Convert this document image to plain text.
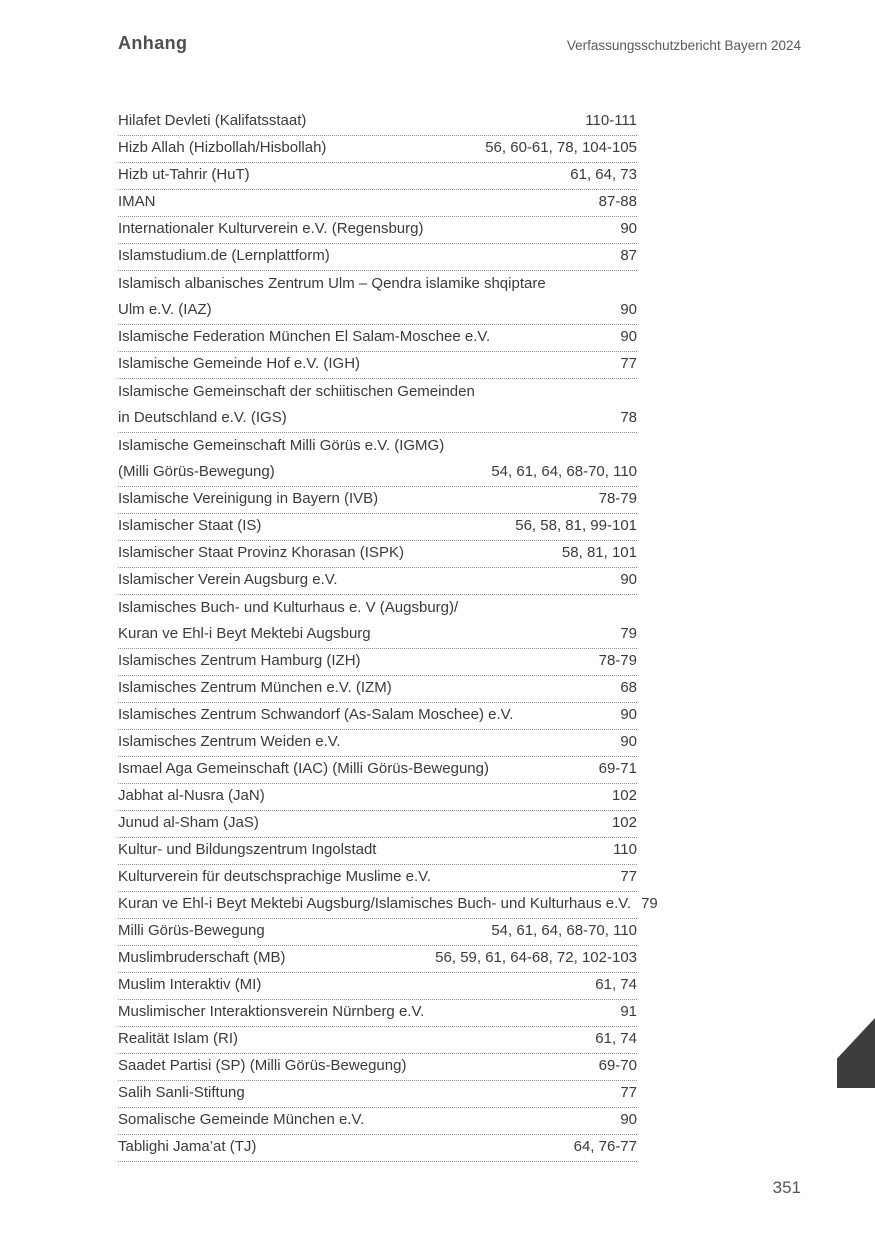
Anhang	Verfassungsschutzbericht Bayern 2024
Hilafet Devleti (Kalifatsstaat)	110-111
Hizb Allah (Hizbollah/Hisbollah)	56, 60-61, 78, 104-105
Hizb ut-Tahrir (HuT)	61, 64, 73
IMAN	87-88
Internationaler Kulturverein e.V. (Regensburg)	90
Islamstudium.de (Lernplattform)	87
Islamisch albanisches Zentrum Ulm – Qendra islamike shqiptare
Ulm e.V. (IAZ)	90
Islamische Federation München El Salam-Moschee e.V.	90
Islamische Gemeinde Hof e.V. (IGH)	77
Islamische Gemeinschaft der schiitischen Gemeinden
in Deutschland e.V. (IGS)	78
Islamische Gemeinschaft Milli Görüs e.V. (IGMG)
(Milli Görüs-Bewegung)	54, 61, 64, 68-70, 110
Islamische Vereinigung in Bayern (IVB)	78-79
Islamischer Staat (IS)	56, 58, 81, 99-101
Islamischer Staat Provinz Khorasan (ISPK)	58, 81, 101
Islamischer Verein Augsburg e.V.	90
Islamisches Buch- und Kulturhaus e. V (Augsburg)/
Kuran ve Ehl-i Beyt Mektebi Augsburg	79
Islamisches Zentrum Hamburg (IZH)	78-79
Islamisches Zentrum München e.V. (IZM)	68
Islamisches Zentrum Schwandorf (As-Salam Moschee) e.V.	90
Islamisches Zentrum Weiden e.V.	90
Ismael Aga Gemeinschaft (IAC) (Milli Görüs-Bewegung)	69-71
Jabhat al-Nusra (JaN)	102
Junud al-Sham (JaS)	102
Kultur- und Bildungszentrum Ingolstadt	110
Kulturverein für deutschsprachige Muslime e.V.	77
Kuran ve Ehl-i Beyt Mektebi Augsburg/Islamisches Buch- und Kulturhaus e.V. 79
Milli Görüs-Bewegung	54, 61, 64, 68-70, 110
Muslimbruderschaft (MB)	56, 59, 61, 64-68, 72, 102-103
Muslim Interaktiv (MI)	61, 74
Muslimischer Interaktionsverein Nürnberg e.V.	91
Realität Islam (RI)	61, 74
Saadet Partisi (SP) (Milli Görüs-Bewegung)	69-70
Salih Sanli-Stiftung	77
Somalische Gemeinde München e.V.	90
Tablighi Jama’at (TJ)	64, 76-77
351
